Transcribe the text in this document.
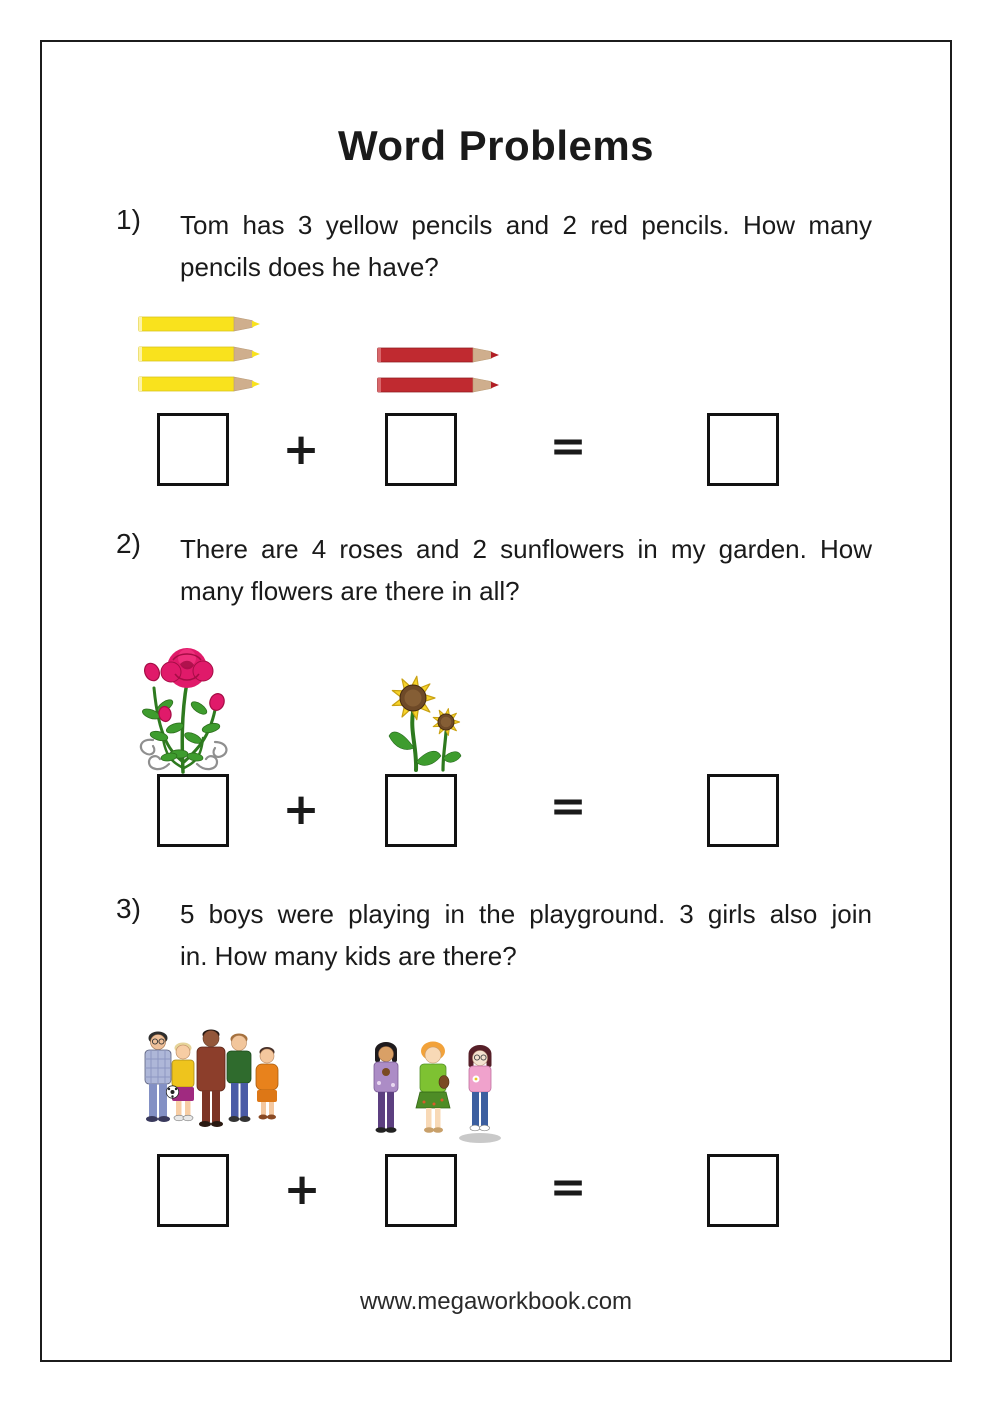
Word Problems
1) Tom has 3 yellow pencils and 2 red pencils. How many
pencils does he have?
+	=
2) There are 4 roses and 2 sunflowers in my garden. How
many flowers are there in all?
+	=
3) 5 boys were playing in the playground. 3 girls also join
in. How many kids are there?
+	=
www.megaworkbook.com
